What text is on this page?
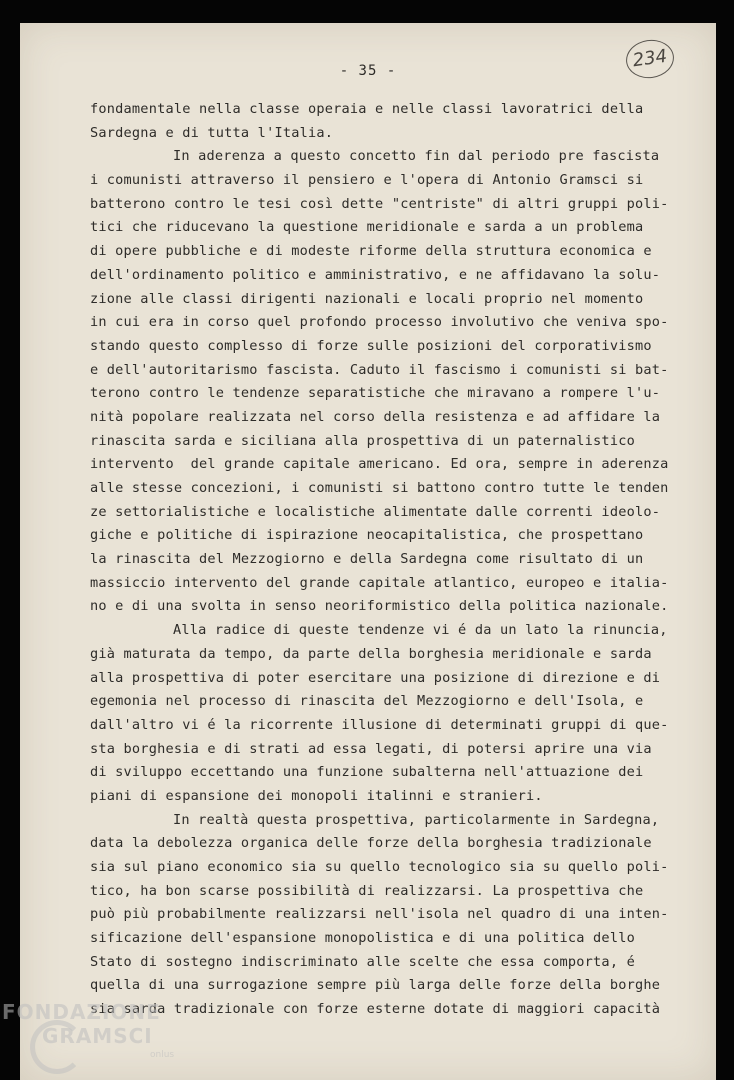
- 35 -	234
fondamentale nella classe operaia e nelle classi lavoratrici della
Sardegna e di tutta l'Italia.
In aderenza a questo concetto fin dal periodo pre fascista
i comunisti attraverso il pensiero e l'opera di Antonio Gramsci si
batterono contro le tesi così dette "centriste" di altri gruppi poli-
tici che riducevano la questione meridionale e sarda a un problema
di opere pubbliche e di modeste riforme della struttura economica e
dell'ordinamento politico e amministrativo, e ne affidavano la solu-
zione alle classi dirigenti nazionali e locali proprio nel momento
in cui era in corso quel profondo processo involutivo che veniva spo-
stando questo complesso di forze sulle posizioni del corporativismo
e dell'autoritarismo fascista. Caduto il fascismo i comunisti si bat-
terono contro le tendenze separatistiche che miravano a rompere l'u-
nità popolare realizzata nel corso della resistenza e ad affidare la
rinascita sarda e siciliana alla prospettiva di un paternalistico
intervento  del grande capitale americano. Ed ora, sempre in aderenza
alle stesse concezioni, i comunisti si battono contro tutte le tenden
ze settorialistiche e localistiche alimentate dalle correnti ideolo-
giche e politiche di ispirazione neocapitalistica, che prospettano
la rinascita del Mezzogiorno e della Sardegna come risultato di un
massiccio intervento del grande capitale atlantico, europeo e italia-
no e di una svolta in senso neoriformistico della politica nazionale.
Alla radice di queste tendenze vi é da un lato la rinuncia,
già maturata da tempo, da parte della borghesia meridionale e sarda
alla prospettiva di poter esercitare una posizione di direzione e di
egemonia nel processo di rinascita del Mezzogiorno e dell'Isola, e
dall'altro vi é la ricorrente illusione di determinati gruppi di que-
sta borghesia e di strati ad essa legati, di potersi aprire una via
di sviluppo eccettando una funzione subalterna nell'attuazione dei
piani di espansione dei monopoli italinni e stranieri.
In realtà questa prospettiva, particolarmente in Sardegna,
data la debolezza organica delle forze della borghesia tradizionale
sia sul piano economico sia su quello tecnologico sia su quello poli-
tico, ha bon scarse possibilità di realizzarsi. La prospettiva che
può più probabilmente realizzarsi nell'isola nel quadro di una inten-
sificazione dell'espansione monopolistica e di una politica dello
Stato di sostegno indiscriminato alle scelte che essa comporta, é
quella di una surrogazione sempre più larga delle forze della borghe
sia sarda tradizionale con forze esterne dotate di maggiori capacità
FONDAZIONE
GRAMSCI
onlus
